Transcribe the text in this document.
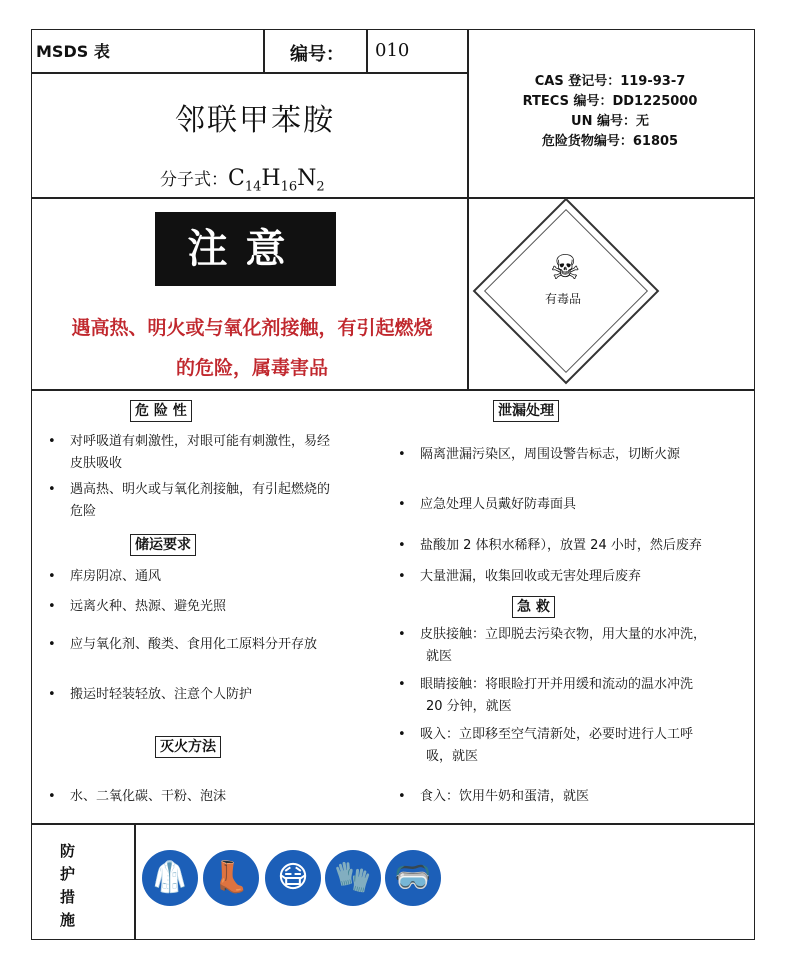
MSDS 表	编号： 010
邻联甲苯胺
分子式：$C_{14}H_{16}N_2$
CAS 登记号：119-93-7
RTECS 编号：DD1225000
UN 编号：无
危险货物编号：61805
注意
遇高热、明火或与氧化剂接触，有引起燃烧
的危险，属毒害品
☠
有毒品
危 险 性
• 对呼吸道有刺激性，对眼可能有刺激性，易经
皮肤吸收
• 遇高热、明火或与氧化剂接触，有引起燃烧的
危险
储运要求
• 库房阴凉、通风
• 远离火种、热源、避免光照
• 应与氧化剂、酸类、食用化工原料分开存放
• 搬运时轻装轻放、注意个人防护
灭火方法
• 水、二氧化碳、干粉、泡沫
泄漏处理
• 隔离泄漏污染区，周围设警告标志，切断火源
• 应急处理人员戴好防毒面具
• 盐酸加 2 体积水稀释），放置 24 小时，然后废弃
• 大量泄漏，收集回收或无害处理后废弃
急 救
• 皮肤接触：立即脱去污染衣物，用大量的水冲洗，
就医
• 眼睛接触：将眼睑打开并用缓和流动的温水冲洗
20 分钟，就医
• 吸入：立即移至空气清新处，必要时进行人工呼
吸，就医
• 食入：饮用牛奶和蛋清，就医
防
护
措
施
🥼 👢 😷 🧤 🥽
